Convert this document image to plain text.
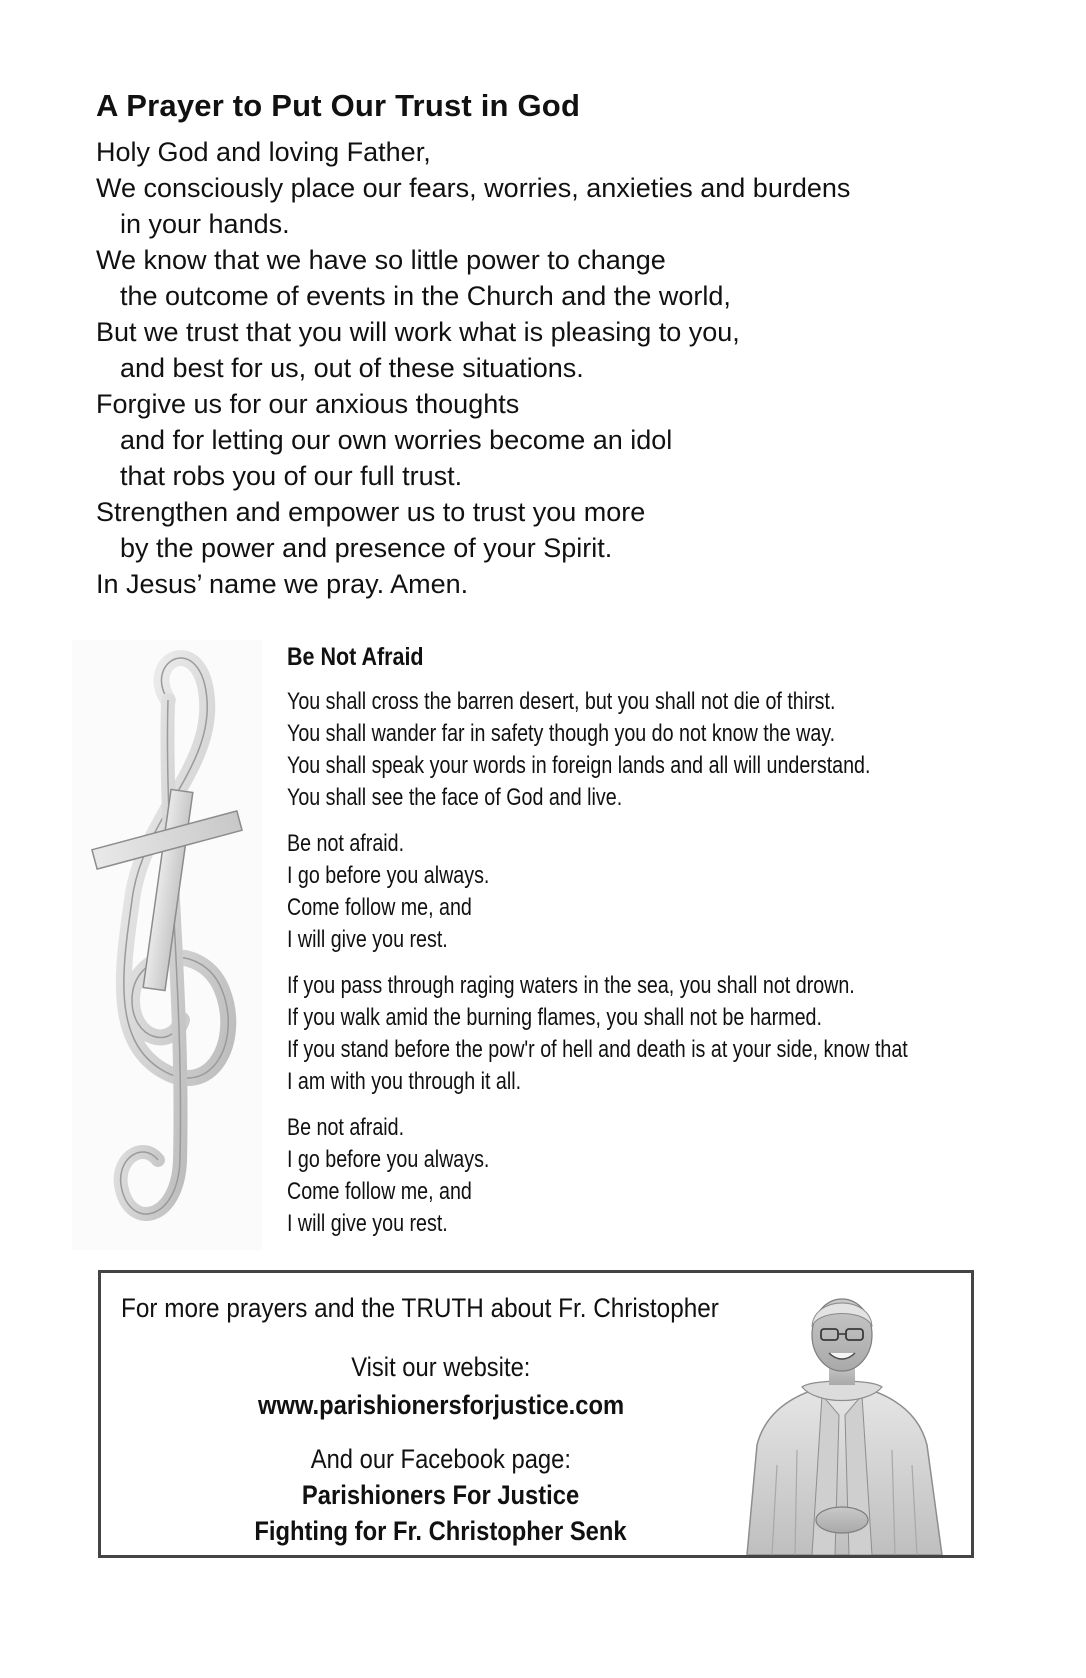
A Prayer to Put Our Trust in God
Holy God and loving Father,
We consciously place our fears, worries, anxieties and burdens
in your hands.
We know that we have so little power to change
the outcome of events in the Church and the world,
But we trust that you will work what is pleasing to you,
and best for us, out of these situations.
Forgive us for our anxious thoughts
and for letting our own worries become an idol
that robs you of our full trust.
Strengthen and empower us to trust you more
by the power and presence of your Spirit.
In Jesus’ name we pray. Amen.
Be Not Afraid
You shall cross the barren desert, but you shall not die of thirst.
You shall wander far in safety though you do not know the way.
You shall speak your words in foreign lands and all will understand.
You shall see the face of God and live.
Be not afraid.
I go before you always.
Come follow me, and
I will give you rest.
If you pass through raging waters in the sea, you shall not drown.
If you walk amid the burning flames, you shall not be harmed.
If you stand before the pow'r of hell and death is at your side, know that
I am with you through it all.
Be not afraid.
I go before you always.
Come follow me, and
I will give you rest.
For more prayers and the TRUTH about Fr. Christopher
Visit our website:
www.parishionersforjustice.com
And our Facebook page:
Parishioners For Justice
Fighting for Fr. Christopher Senk
